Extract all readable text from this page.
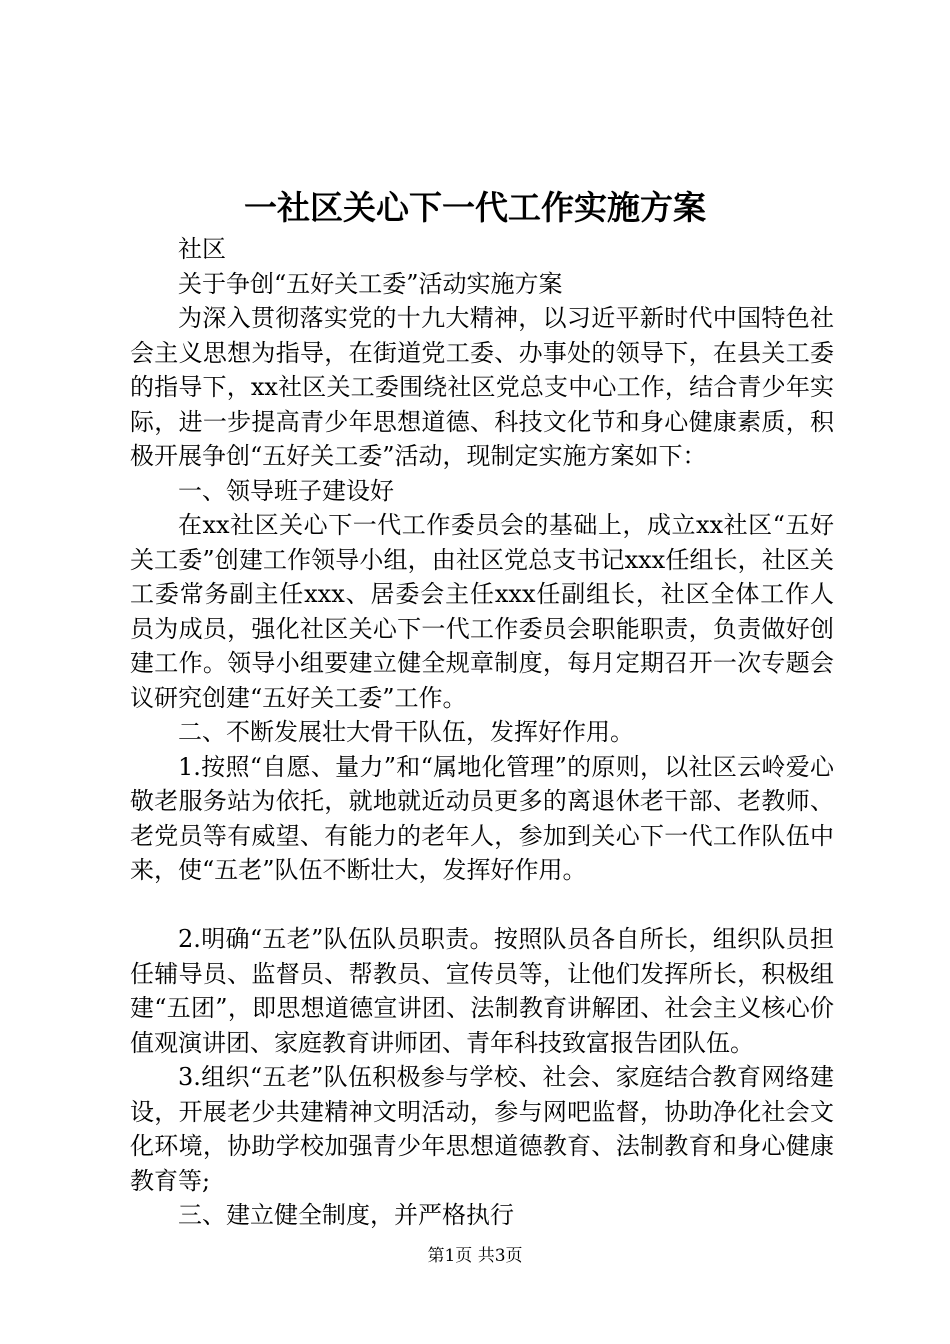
一社区关心下一代工作实施方案

社区

关于争创“五好关工委”活动实施方案

为深入贯彻落实党的十九大精神，以习近平新时代中国特色社会主义思想为指导，在街道党工委、办事处的领导下，在县关工委的指导下，xx社区关工委围绕社区党总支中心工作，结合青少年实际，进一步提高青少年思想道德、科技文化节和身心健康素质，积极开展争创“五好关工委”活动，现制定实施方案如下：

一、领导班子建设好

在xx社区关心下一代工作委员会的基础上，成立xx社区“五好关工委”创建工作领导小组，由社区党总支书记xxx任组长，社区关工委常务副主任xxx、居委会主任xxx任副组长，社区全体工作人员为成员，强化社区关心下一代工作委员会职能职责，负责做好创建工作。领导小组要建立健全规章制度，每月定期召开一次专题会议研究创建“五好关工委”工作。

二、不断发展壮大骨干队伍，发挥好作用。

1.按照“自愿、量力”和“属地化管理”的原则，以社区云岭爱心敬老服务站为依托，就地就近动员更多的离退休老干部、老教师、老党员等有威望、有能力的老年人，参加到关心下一代工作队伍中来，使“五老”队伍不断壮大，发挥好作用。

2.明确“五老”队伍队员职责。按照队员各自所长，组织队员担任辅导员、监督员、帮教员、宣传员等，让他们发挥所长，积极组建“五团”，即思想道德宣讲团、法制教育讲解团、社会主义核心价值观演讲团、家庭教育讲师团、青年科技致富报告团队伍。

3.组织“五老”队伍积极参与学校、社会、家庭结合教育网络建设，开展老少共建精神文明活动，参与网吧监督，协助净化社会文化环境，协助学校加强青少年思想道德教育、法制教育和身心健康教育等;

三、建立健全制度，并严格执行

第1页 共3页
